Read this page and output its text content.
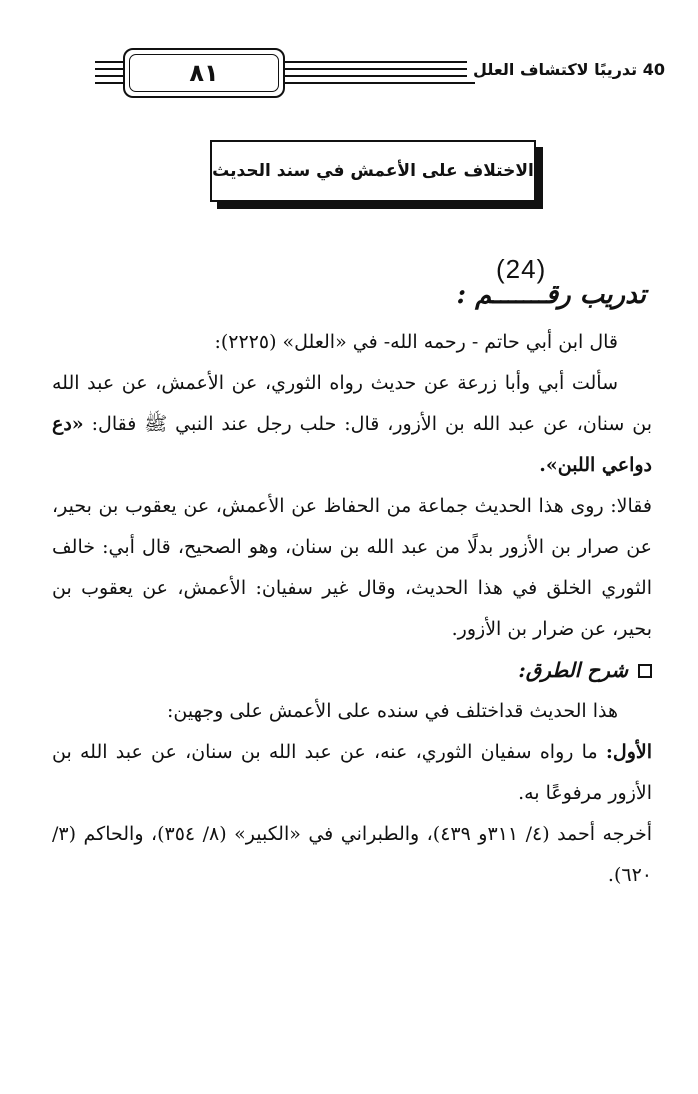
٨١	40 تدريبًا لاكتشاف العلل
الاختلاف على الأعمش في سند الحديث
(24)
تدريب رقـــــــم :

قال ابن أبي حاتم - رحمه الله- في «العلل» (٢٢٢٥):

سألت أبي وأبا زرعة عن حديث رواه الثوري، عن الأعمش، عن عبد الله بن سنان، عن عبد الله بن الأزور، قال: حلب رجل عند النبي ﷺ فقال: «دع دواعي اللبن».

فقالا: روى هذا الحديث جماعة من الحفاظ عن الأعمش، عن يعقوب بن بحير، عن صرار بن الأزور بدلًا من عبد الله بن سنان، وهو الصحيح، قال أبي: خالف الثوري الخلق في هذا الحديث، وقال غير سفيان: الأعمش، عن يعقوب بن بحير، عن ضرار بن الأزور.

شرح الطرق:

هذا الحديث قداختلف في سنده على الأعمش على وجهين:

الأول: ما رواه سفيان الثوري، عنه، عن عبد الله بن سنان، عن عبد الله بن الأزور مرفوعًا به.

أخرجه أحمد (٤/ ٣١١و ٤٣٩)، والطبراني في «الكبير» (٨/ ٣٥٤)، والحاكم (٣/ ٦٢٠).
